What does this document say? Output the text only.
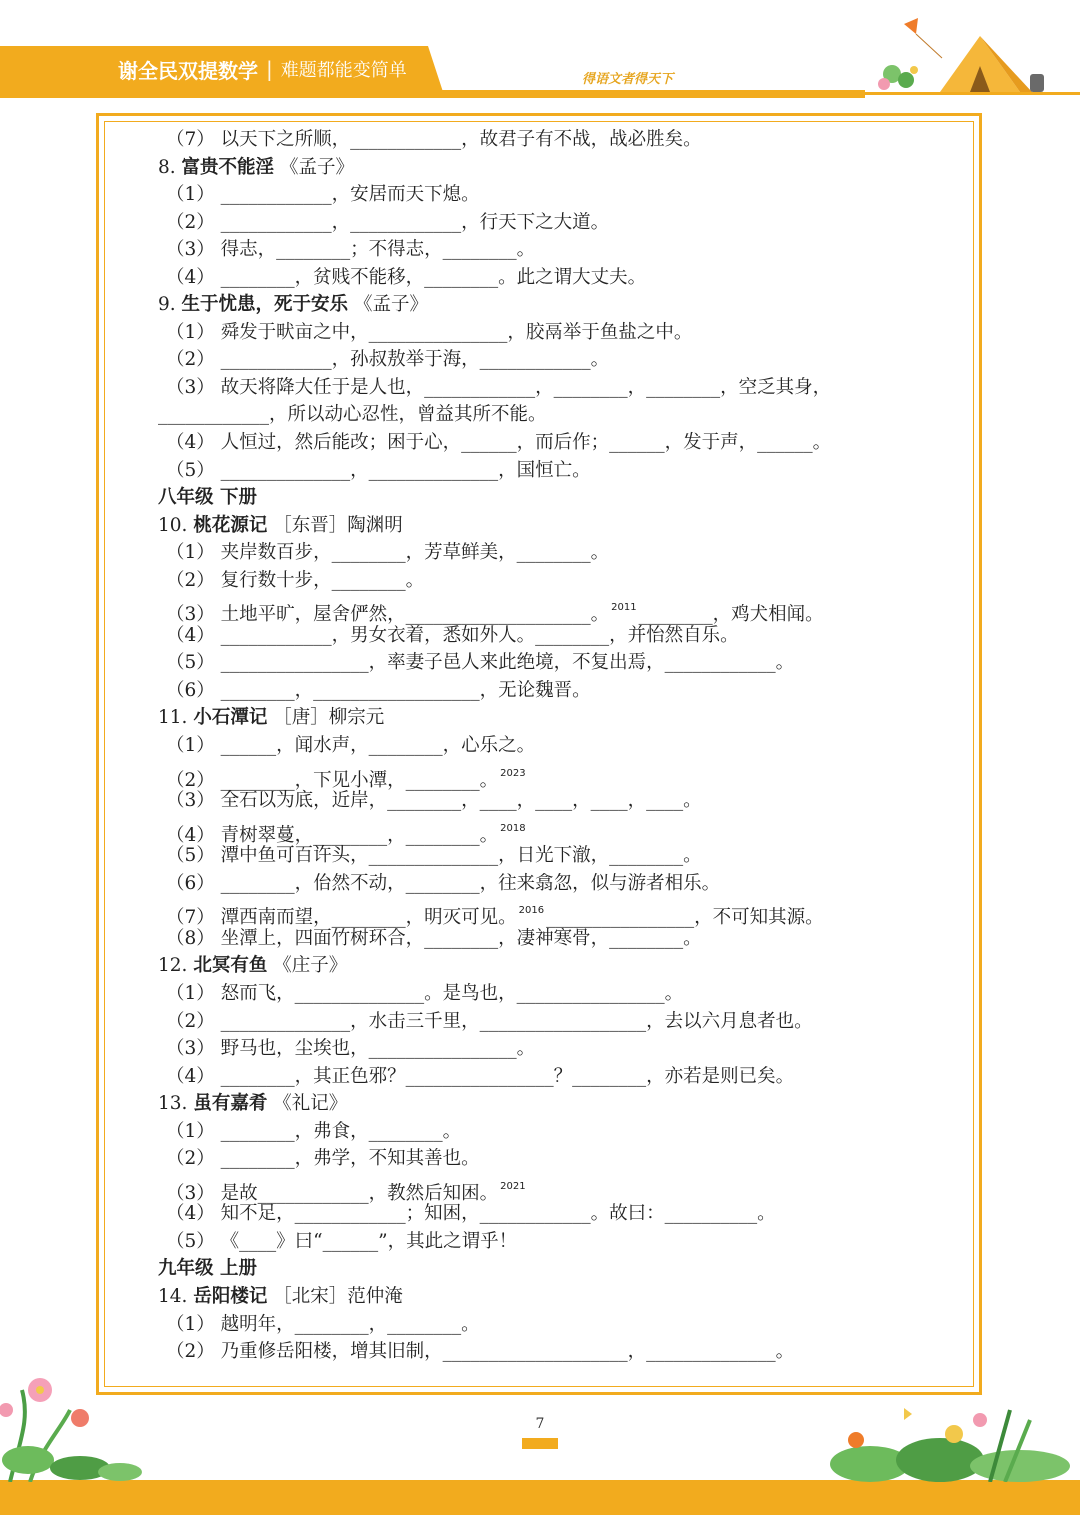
谢全民双提数学 | 难题都能变简单	得语文者得天下
（7） 以天下之所顺，____________，故君子有不战，战必胜矣。
8. 富贵不能淫 《孟子》
（1） ____________，安居而天下熄。
（2） ____________，____________，行天下之大道。
（3） 得志，________；不得志，________。
（4） ________，贫贱不能移，________。此之谓大丈夫。
9. 生于忧患，死于安乐 《孟子》
（1） 舜发于畎亩之中，_______________，胶鬲举于鱼盐之中。
（2） ____________，孙叔敖举于海，____________。
（3） 故天将降大任于是人也，____________，________，________，空乏其身，
____________，所以动心忍性，曾益其所不能。
（4） 人恒过，然后能改；困于心，______，而后作；______，发于声，______。
（5） ______________，______________，国恒亡。
八年级 下册
10. 桃花源记 ［东晋］陶渊明
（1） 夹岸数百步，________，芳草鲜美，________。
（2） 复行数十步，________。
（3） 土地平旷，屋舍俨然，____________________。 $^{2011}$ ________，鸡犬相闻。
（4） ____________，男女衣着，悉如外人。________，并怡然自乐。
（5） ________________，率妻子邑人来此绝境，不复出焉，____________。
（6） ________，__________________，无论魏晋。
11. 小石潭记 ［唐］柳宗元
（1） ______，闻水声，________，心乐之。
（2） ________，下见小潭，________。 $^{2023}$
（3） 全石以为底，近岸，________，____，____，____，____。
（4） 青树翠蔓，________，________。 $^{2018}$
（5） 潭中鱼可百许头，______________，日光下澈，________。
（6） ________，佁然不动，________，往来翕忽，似与游者相乐。
（7） 潭西南而望，________，明灭可见。 $^{2016}$ ________________，不可知其源。
（8） 坐潭上，四面竹树环合，________，凄神寒骨，________。
12. 北冥有鱼 《庄子》
（1） 怒而飞，______________。是鸟也，________________。
（2） ______________，水击三千里，__________________，去以六月息者也。
（3） 野马也，尘埃也，________________。
（4） ________，其正色邪？________________？________，亦若是则已矣。
13. 虽有嘉肴 《礼记》
（1） ________，弗食，________。
（2） ________，弗学，不知其善也。
（3） 是故____________，教然后知困。 $^{2021}$
（4） 知不足，____________；知困，____________。故曰：__________。
（5） 《____》曰“______”，其此之谓乎！
九年级 上册
14. 岳阳楼记 ［北宋］范仲淹
（1） 越明年，________，________。
（2） 乃重修岳阳楼，增其旧制，____________________，______________。
7
